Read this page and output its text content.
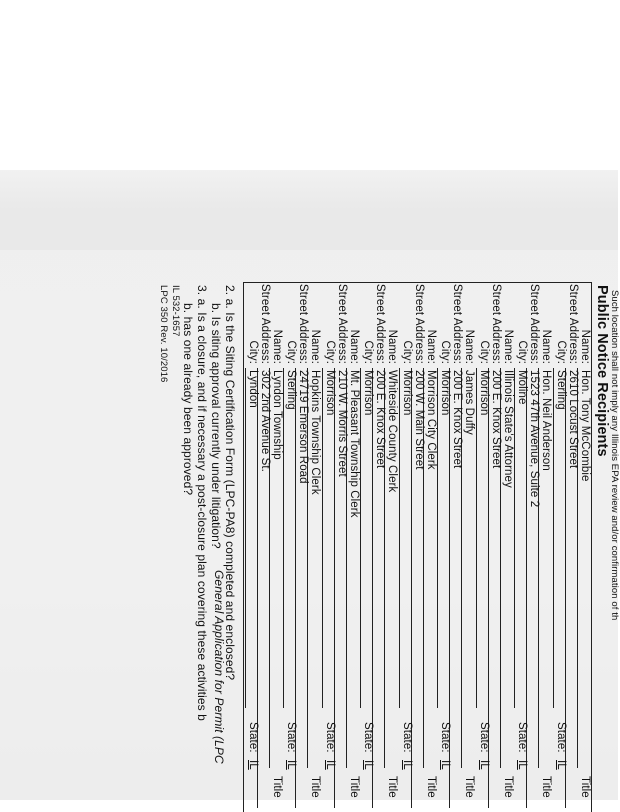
Such location shall not imply any Illinois EPA review and/or confirmation of th
Public Notice Recipients
General Application for Permit (LPC
Name:
Hon. Tony McCombie
Title
Street Address:
2610 Locust Street
City:
Sterling
State:
IL
Name:
Hon. Neil Anderson
Title
Street Address:
1523 47th Avenue, Suite 2
City:
Moline
State:
IL
Name:
Illinois State's Attorney
Title
Street Address:
200 E. Knox Street
City:
Morrison
State:
IL
Name:
James Duffy
Title
Street Address:
200 E. Knox Street
City:
Morrison
State:
IL
Name:
Morrison City Clerk
Title
Street Address:
200 W. Main Street
City:
Morrison
State:
IL
Name:
Whiteside County Clerk
Title
Street Address:
200 E. Knox Street
City:
Morrison
State:
IL
Name:
Mt. Pleasant Township Clerk
Title
Street Address:
210 W. Morris Street
City:
Morrison
State:
IL
Name:
Hopkins Township Clerk
Title
Street Address:
24719 Emerson Road
City:
Sterling
State:
IL
Name:
Lyndon Township
Title
Street Address:
302 2nd Avenue St.
City:
Lyndon
State:
IL
2. a. Is the Siting Certification Form (LPC-PA8) completed and enclosed?
b. Is siting approval currently under litigation?
3. a. Is a closure, and if necessary a post-closure plan covering these activities b
b. has one already been approved?
IL 532-1657
LPC 350 Rev. 10/2016
